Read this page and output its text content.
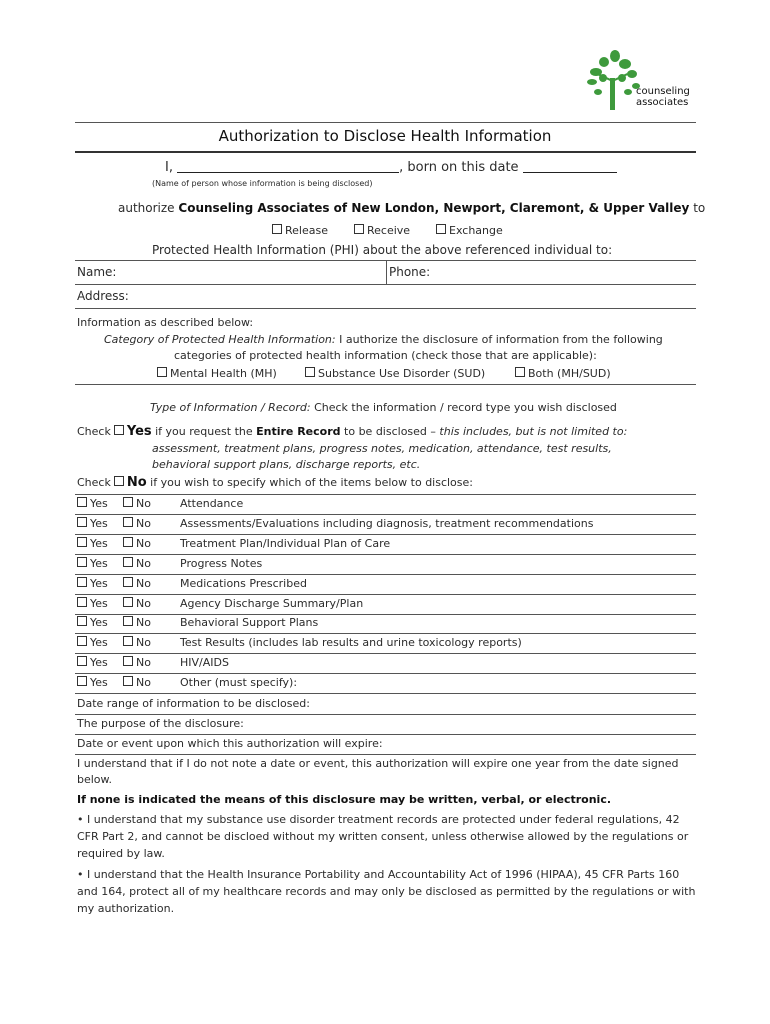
counseling
associates
Authorization to Disclose Health Information
I,	, born on this date
(Name of person whose information is being disclosed)
authorize Counseling Associates of New London, Newport, Claremont, & Upper Valley to
Release	Receive	Exchange
Protected Health Information (PHI) about the above referenced individual to:
Name:	Phone:
Address:
Information as described below:
Category of Protected Health Information: I authorize the disclosure of information from the following
categories of protected health information (check those that are applicable):
Mental Health (MH)	Substance Use Disorder (SUD)	Both (MH/SUD)
Type of Information / Record: Check the information / record type you wish disclosed
Check Yes if you request the Entire Record to be disclosed – this includes, but is not limited to:
assessment, treatment plans, progress notes, medication, attendance, test results,
behavioral support plans, discharge reports, etc.
Check No if you wish to specify which of the items below to disclose:
Yes	No	Attendance
Yes	No	Assessments/Evaluations including diagnosis, treatment recommendations
Yes	No	Treatment Plan/Individual Plan of Care
Yes	No	Progress Notes
Yes	No	Medications Prescribed
Yes	No	Agency Discharge Summary/Plan
Yes	No	Behavioral Support Plans
Yes	No	Test Results (includes lab results and urine toxicology reports)
Yes	No	HIV/AIDS
Yes	No	Other (must specify):
Date range of information to be disclosed:
The purpose of the disclosure:
Date or event upon which this authorization will expire:
I understand that if I do not note a date or event, this authorization will expire one year from the date signed
below.
If none is indicated the means of this disclosure may be written, verbal, or electronic.
• I understand that my substance use disorder treatment records are protected under federal regulations, 42
CFR Part 2, and cannot be discloed without my written consent, unless otherwise allowed by the regulations or
required by law.
• I understand that the Health Insurance Portability and Accountability Act of 1996 (HIPAA), 45 CFR Parts 160
and 164, protect all of my healthcare records and may only be disclosed as permitted by the regulations or with
my authorization.
